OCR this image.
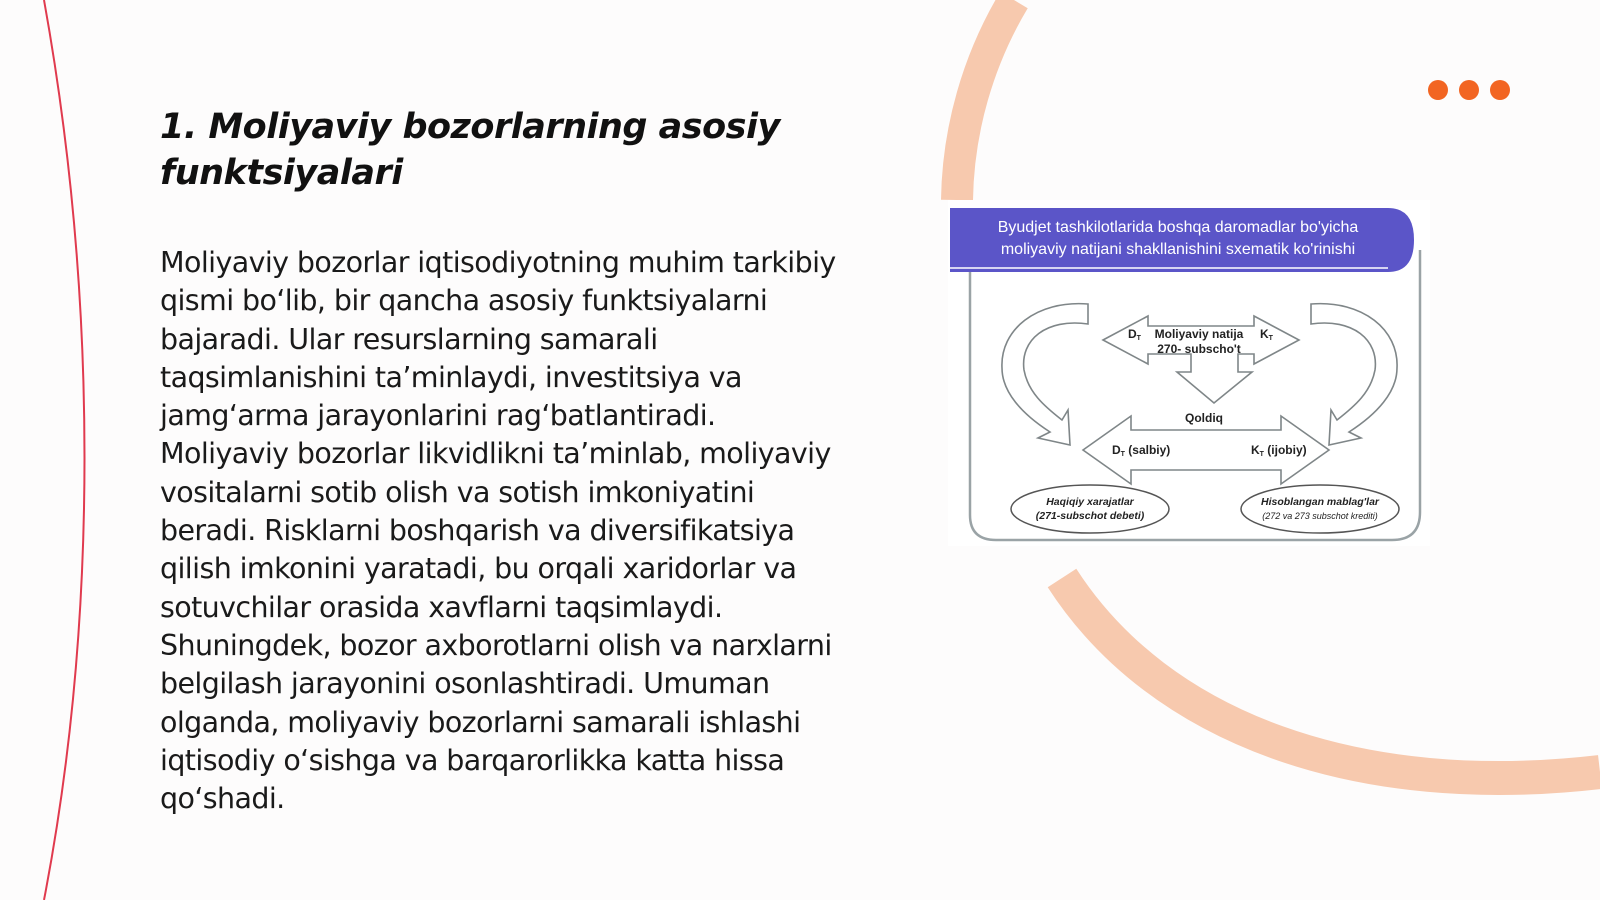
1. Moliyaviy bozorlarning asosiy funktsiyalari

Moliyaviy bozorlar iqtisodiyotning muhim tarkibiy qismi bo‘lib, bir qancha asosiy funktsiyalarni bajaradi. Ular resurslarning samarali taqsimlanishini ta’minlaydi, investitsiya va jamg‘arma jarayonlarini rag‘batlantiradi. Moliyaviy bozorlar likvidlikni ta’minlab, moliyaviy vositalarni sotib olish va sotish imkoniyatini beradi. Risklarni boshqarish va diversifikatsiya qilish imkonini yaratadi, bu orqali xaridorlar va sotuvchilar orasida xavflarni taqsimlaydi. Shuningdek, bozor axborotlarni olish va narxlarni belgilash jarayonini osonlashtiradi. Umuman olganda, moliyaviy bozorlarni samarali ishlashi iqtisodiy o‘sishga va barqarorlikka katta hissa qo‘shadi.

Byudjet tashkilotlarida boshqa daromadlar bo'yicha
moliyaviy natijani shakllanishini sxematik ko'rinishi
DT Moliyaviy natija
270- subscho't
KT
Qoldiq
DT (salbiy)	KT (ijobiy)
Haqiqiy xarajatlar
(271-subschot debeti)
Hisoblangan mablag'lar
(272 va 273 subschot krediti)
